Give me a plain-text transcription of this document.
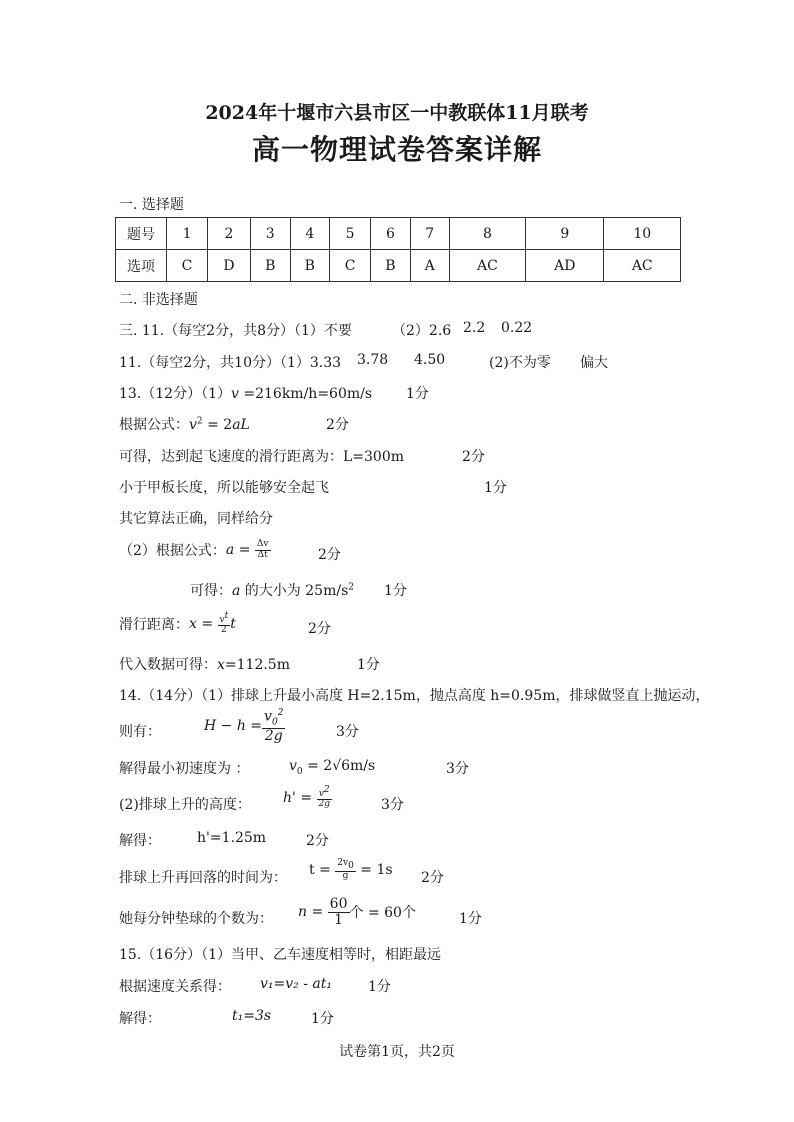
2024年十堰市六县市区一中教联体11月联考
高一物理试卷答案详解
一. 选择题
题号	1	2	3	4	5	6	7	8	9	10
选项	C	D	B	B	C	B	A	AC	AD	AC
二. 非选择题
三. 11.（每空2分，共8分）（1）不要	（2）2.6 2.2 0.22
11.（每空2分，共10分）（1）3.33 3.78 4.50	(2)不为零 偏大
13.（12分）（1）v =216km/h=60m/s 1分
根据公式：$v^2 = 2aL$	2分
可得，达到起飞速度的滑行距离为：L=300m	2分
小于甲板长度，所以能够安全起飞	1分
其它算法正确，同样给分
（2）根据公式： $a = \frac{\Delta v}{\Delta t}$	2分
可得：a 的大小为 $25m/s^2$ 1分
滑行距离： $x = \frac{v^t}{2}$ t	2分
代入数据可得：x=112.5m	1分
14.（14分）（1）排球上升最小高度 H=2.15m，抛点高度 h=0.95m，排球做竖直上抛运动，
则有：	$H - h = \frac{v_0^2}{2g}$	3分
解得最小初速度为 ：	$v_0 = 2√6m/s$	3分
(2)排球上升的高度： h' =
$\frac{v^2}{2g}$	3分
解得：	h'=1.25m	2分
排球上升再回落的时间为： t =
$\frac{2v_0}{g}$
= 1s 2分
她每分钟垫球的个数为： $n = \frac{60}{1}$ 个 = 60个	1分
15.（16分）（1）当甲、乙车速度相等时，相距最远
根据速度关系得： v₁=v₂ - at₁	1分
解得：	t₁=3s	1分
试卷第1页，共2页
